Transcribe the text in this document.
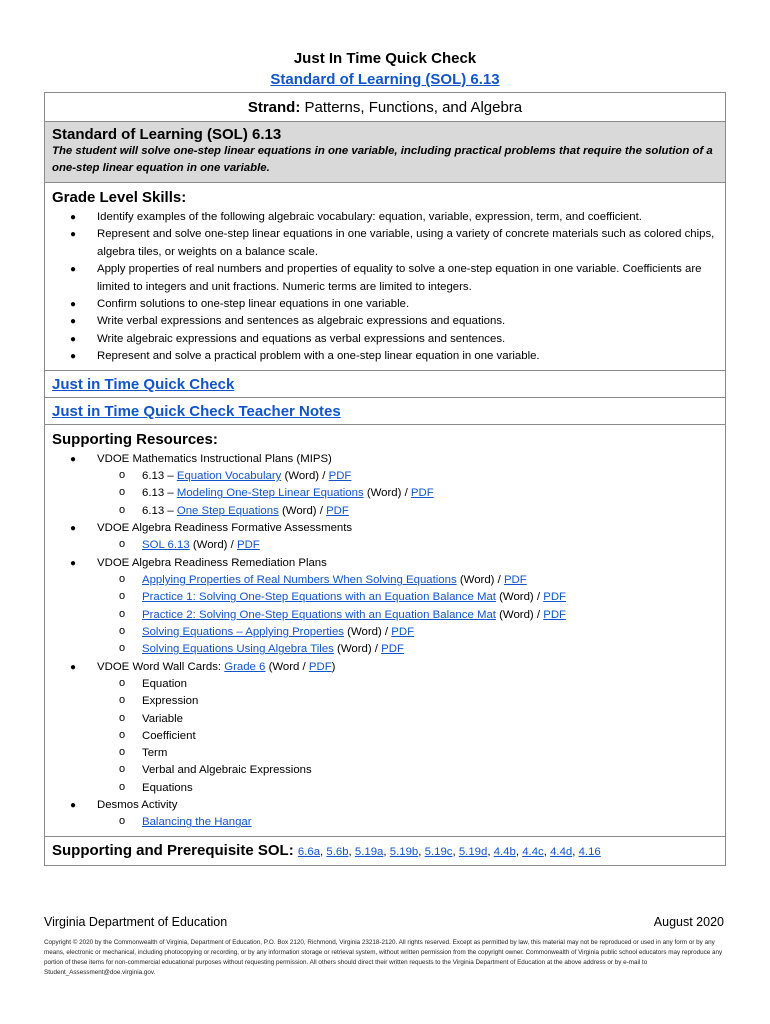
Just In Time Quick Check
Standard of Learning (SOL) 6.13
Strand: Patterns, Functions, and Algebra
Standard of Learning (SOL) 6.13
The student will solve one-step linear equations in one variable, including practical problems that require the solution of a one-step linear equation in one variable.
Grade Level Skills:
● Identify examples of the following algebraic vocabulary: equation, variable, expression, term, and coefficient.
● Represent and solve one-step linear equations in one variable, using a variety of concrete materials such as colored chips, algebra tiles, or weights on a balance scale.
● Apply properties of real numbers and properties of equality to solve a one-step equation in one variable. Coefficients are limited to integers and unit fractions. Numeric terms are limited to integers.
● Confirm solutions to one-step linear equations in one variable.
● Write verbal expressions and sentences as algebraic expressions and equations.
● Write algebraic expressions and equations as verbal expressions and sentences.
● Represent and solve a practical problem with a one-step linear equation in one variable.
Just in Time Quick Check
Just in Time Quick Check Teacher Notes
Supporting Resources:
● VDOE Mathematics Instructional Plans (MIPS)
o 6.13 – Equation Vocabulary (Word) / PDF
o 6.13 – Modeling One-Step Linear Equations (Word) / PDF
o 6.13 – One Step Equations (Word) / PDF
● VDOE Algebra Readiness Formative Assessments
o SOL 6.13 (Word) / PDF
● VDOE Algebra Readiness Remediation Plans
o Applying Properties of Real Numbers When Solving Equations (Word) / PDF
o Practice 1: Solving One-Step Equations with an Equation Balance Mat (Word) / PDF
o Practice 2: Solving One-Step Equations with an Equation Balance Mat (Word) / PDF
o Solving Equations – Applying Properties (Word) / PDF
o Solving Equations Using Algebra Tiles (Word) / PDF
● VDOE Word Wall Cards: Grade 6 (Word / PDF)
o Equation
o Expression
o Variable
o Coefficient
o Term
o Verbal and Algebraic Expressions
o Equations
● Desmos Activity
o Balancing the Hangar
Supporting and Prerequisite SOL: 6.6a, 5.6b, 5.19a, 5.19b, 5.19c, 5.19d, 4.4b, 4.4c, 4.4d, 4.16
Virginia Department of Education	August 2020
Copyright © 2020 by the Commonwealth of Virginia, Department of Education, P.O. Box 2120, Richmond, Virginia 23218-2120. All rights reserved. Except as permitted by law, this material may not be reproduced or used in any form or by any means, electronic or mechanical, including photocopying or recording, or by any information storage or retrieval system, without written permission from the copyright owner. Commonwealth of Virginia public school educators may reproduce any portion of these items for non-commercial educational purposes without requesting permission. All others should direct their written requests to the Virginia Department of Education at the above address or by e-mail to Student_Assessment@doe.virginia.gov.
